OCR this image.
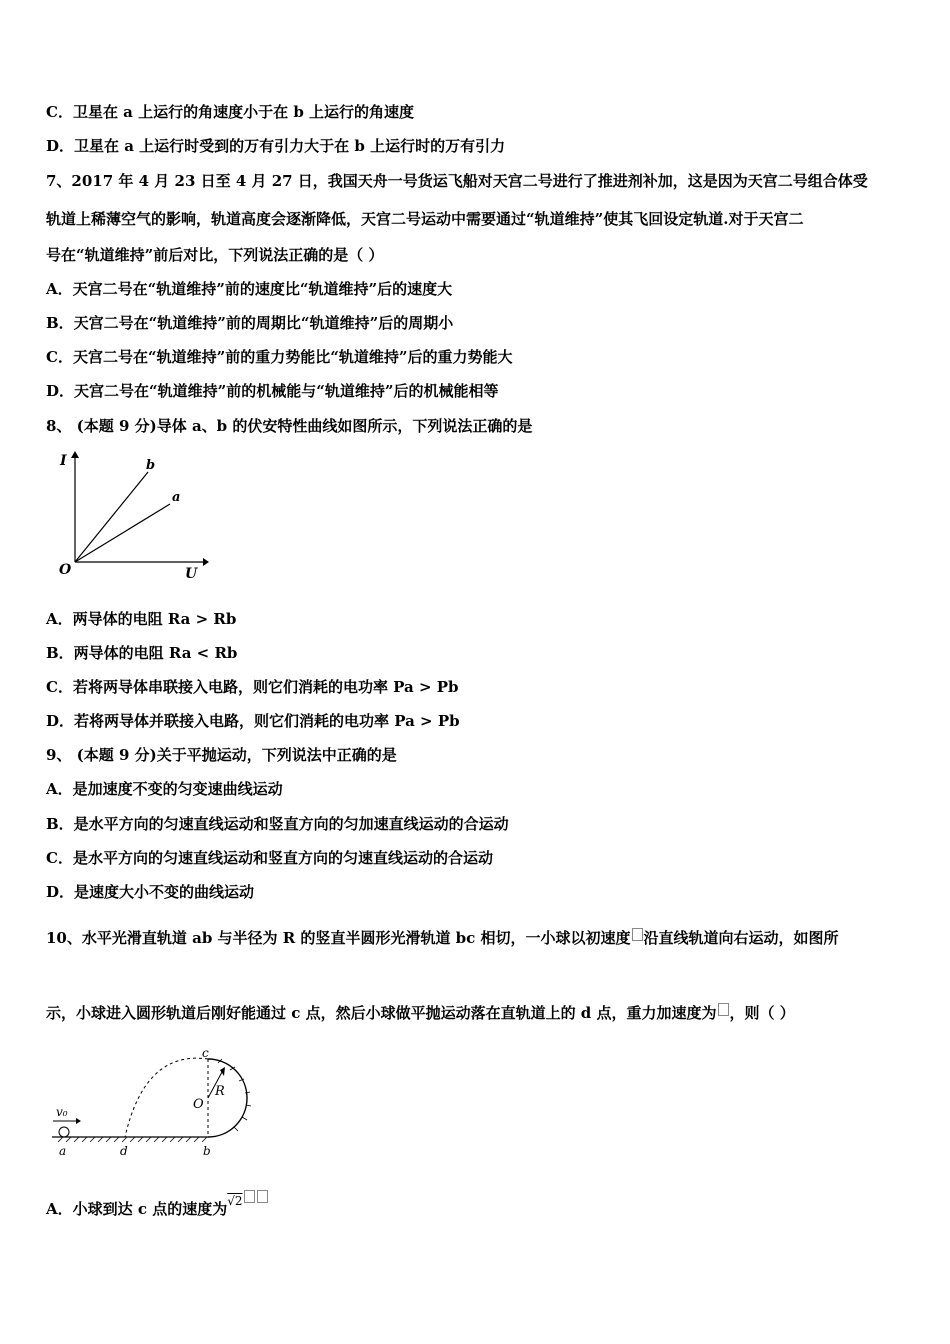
C．卫星在 a 上运行的角速度小于在 b 上运行的角速度
D．卫星在 a 上运行时受到的万有引力大于在 b 上运行时的万有引力
7、2017 年 4 月 23 日至 4 月 27 日，我国天舟一号货运飞船对天宫二号进行了推进剂补加，这是因为天宫二号组合体受
轨道上稀薄空气的影响，轨道高度会逐渐降低，天宫二号运动中需要通过“轨道维持”使其飞回设定轨道.对于天宫二
号在“轨道维持”前后对比，下列说法正确的是（ ）
A．天宫二号在“轨道维持”前的速度比“轨道维持”后的速度大
B．天宫二号在“轨道维持”前的周期比“轨道维持”后的周期小
C．天宫二号在“轨道维持”前的重力势能比“轨道维持”后的重力势能大
D．天宫二号在“轨道维持”前的机械能与“轨道维持”后的机械能相等
8、 (本题 9 分)导体 a、b 的伏安特性曲线如图所示，下列说法正确的是
I
U
O
b
a
A．两导体的电阻 Ra > Rb
B．两导体的电阻 Ra < Rb
C．若将两导体串联接入电路，则它们消耗的电功率 Pa > Pb
D．若将两导体并联接入电路，则它们消耗的电功率 Pa > Pb
9、 (本题 9 分)关于平抛运动，下列说法中正确的是
A．是加速度不变的匀变速曲线运动
B．是水平方向的匀速直线运动和竖直方向的匀加速直线运动的合运动
C．是水平方向的匀速直线运动和竖直方向的匀速直线运动的合运动
D．是速度大小不变的曲线运动
10、水平光滑直轨道 ab 与半径为 R 的竖直半圆形光滑轨道 bc 相切，一小球以初速度 沿直线轨道向右运动，如图所
示，小球进入圆形轨道后刚好能通过 c 点，然后小球做平抛运动落在直轨道上的 d 点，重力加速度为 ，则（ ）
v₀
a	d	b
c
O
R
A．小球到达 c 点的速度为$^{√2}$
